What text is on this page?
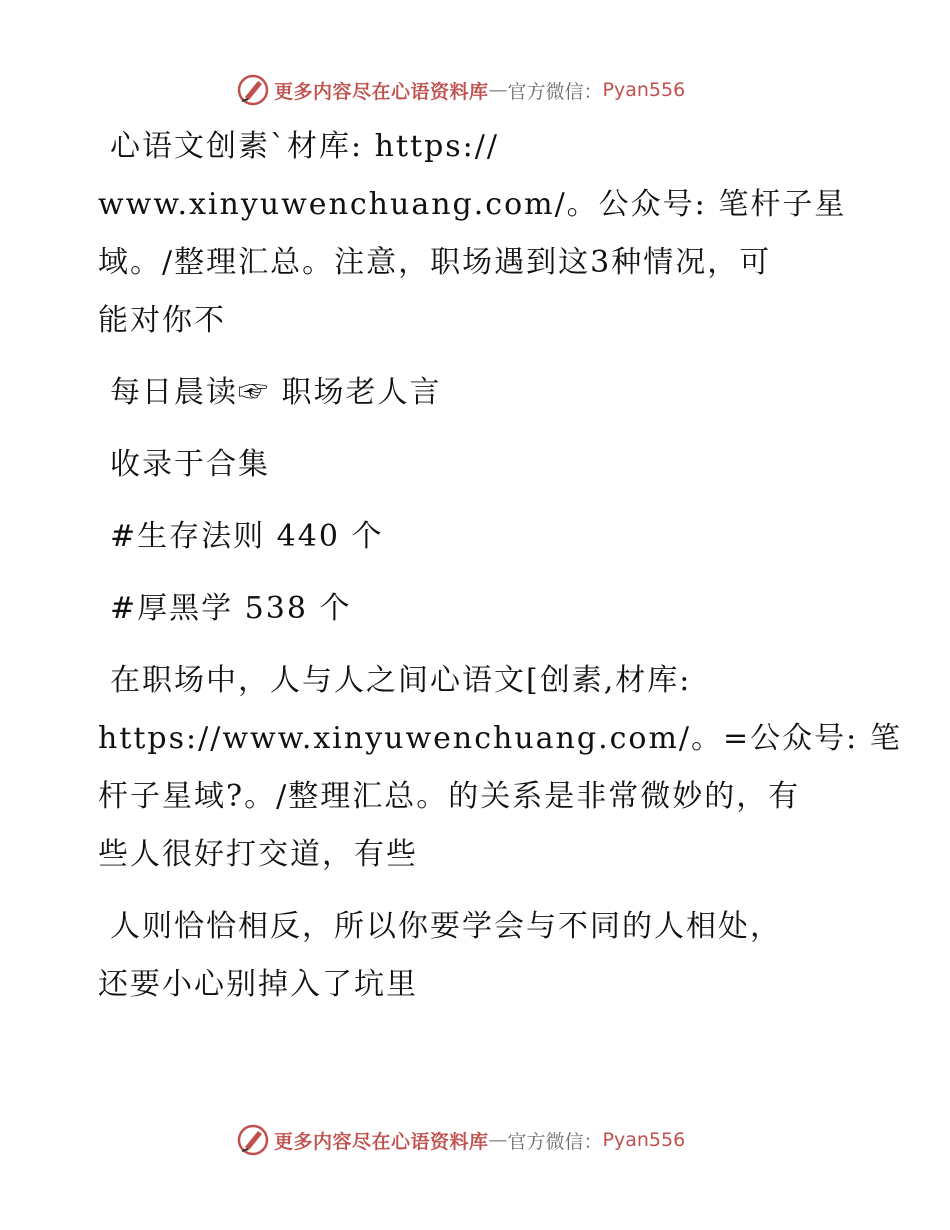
更多内容尽在心语资料库 — 官方微信： Pyan556

心语文创素`材库: https://
www.xinyuwenchuang.com/。公众号: 笔杆子星
域。/整理汇总。注意，职场遇到这3种情况，可
能对你不

每日晨读☞ 职场老人言

收录于合集

#生存法则 440 个

#厚黑学 538 个

在职场中，人与人之间心语文[创素,材库:
https://www.xinyuwenchuang.com/。=公众号: 笔
杆子星域?。/整理汇总。的关系是非常微妙的，有
些人很好打交道，有些

人则恰恰相反，所以你要学会与不同的人相处，
还要小心别掉入了坑里

更多内容尽在心语资料库 — 官方微信： Pyan556
